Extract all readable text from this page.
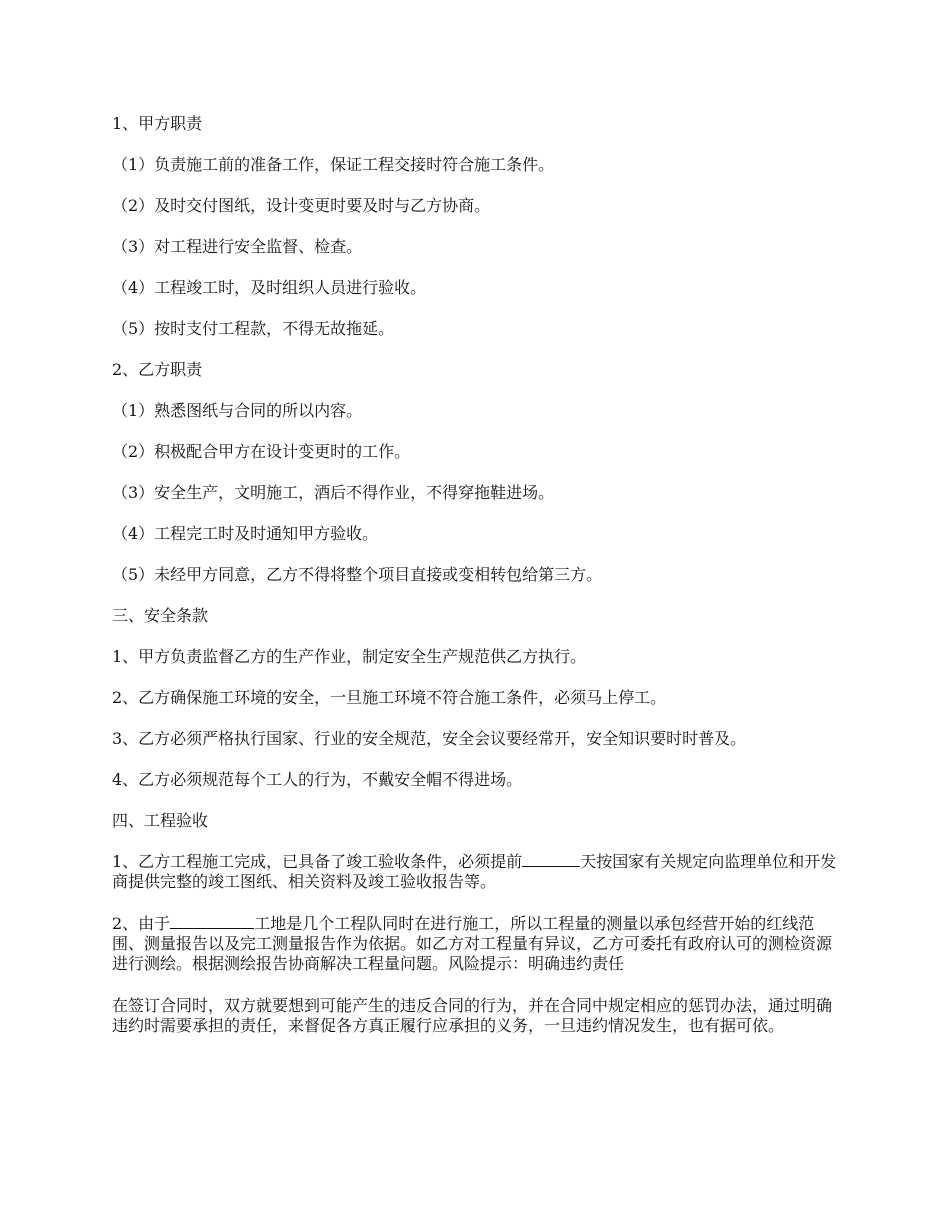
1、甲方职责

（1）负责施工前的准备工作，保证工程交接时符合施工条件。

（2）及时交付图纸，设计变更时要及时与乙方协商。

（3）对工程进行安全监督、检查。

（4）工程竣工时，及时组织人员进行验收。

（5）按时支付工程款，不得无故拖延。

2、乙方职责

（1）熟悉图纸与合同的所以内容。

（2）积极配合甲方在设计变更时的工作。

（3）安全生产，文明施工，酒后不得作业，不得穿拖鞋进场。

（4）工程完工时及时通知甲方验收。

（5）未经甲方同意，乙方不得将整个项目直接或变相转包给第三方。

三、安全条款

1、甲方负责监督乙方的生产作业，制定安全生产规范供乙方执行。

2、乙方确保施工环境的安全，一旦施工环境不符合施工条件，必须马上停工。

3、乙方必须严格执行国家、行业的安全规范，安全会议要经常开，安全知识要时时普及。

4、乙方必须规范每个工人的行为，不戴安全帽不得进场。

四、工程验收

1、乙方工程施工完成，已具备了竣工验收条件，必须提前	天按国家有关规定向监理单位和开发商提供完整的竣工图纸、相关资料及竣工验收报告等。

2、由于	工地是几个工程队同时在进行施工，所以工程量的测量以承包经营开始的红线范围、测量报告以及完工测量报告作为依据。如乙方对工程量有异议，乙方可委托有政府认可的测检资源进行测绘。根据测绘报告协商解决工程量问题。风险提示：明确违约责任

在签订合同时，双方就要想到可能产生的违反合同的行为，并在合同中规定相应的惩罚办法，通过明确违约时需要承担的责任，来督促各方真正履行应承担的义务，一旦违约情况发生，也有据可依。
